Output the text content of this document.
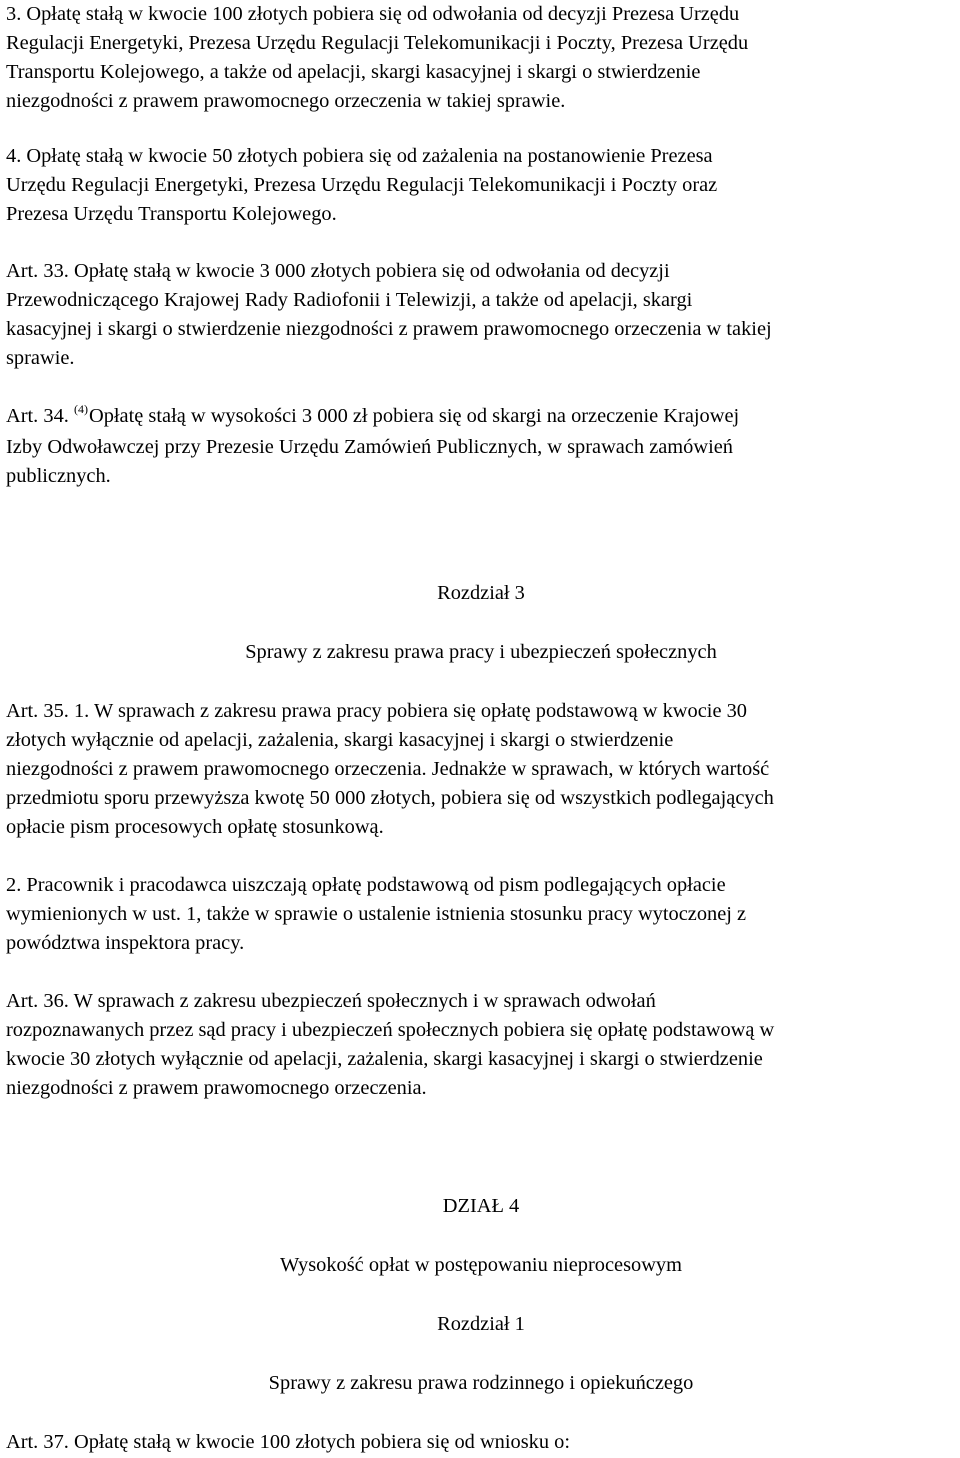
3. Opłatę stałą w kwocie 100 złotych pobiera się od odwołania od decyzji Prezesa Urzędu
Regulacji Energetyki, Prezesa Urzędu Regulacji Telekomunikacji i Poczty, Prezesa Urzędu
Transportu Kolejowego, a także od apelacji, skargi kasacyjnej i skargi o stwierdzenie
niezgodności z prawem prawomocnego orzeczenia w takiej sprawie.

4. Opłatę stałą w kwocie 50 złotych pobiera się od zażalenia na postanowienie Prezesa
Urzędu Regulacji Energetyki, Prezesa Urzędu Regulacji Telekomunikacji i Poczty oraz
Prezesa Urzędu Transportu Kolejowego.

Art. 33. Opłatę stałą w kwocie 3 000 złotych pobiera się od odwołania od decyzji
Przewodniczącego Krajowej Rady Radiofonii i Telewizji, a także od apelacji, skargi
kasacyjnej i skargi o stwierdzenie niezgodności z prawem prawomocnego orzeczenia w takiej
sprawie.

Art. 34. $^{(4)}$Opłatę stałą w wysokości 3 000 zł pobiera się od skargi na orzeczenie Krajowej
Izby Odwoławczej przy Prezesie Urzędu Zamówień Publicznych, w sprawach zamówień
publicznych.

Rozdział 3

Sprawy z zakresu prawa pracy i ubezpieczeń społecznych

Art. 35. 1. W sprawach z zakresu prawa pracy pobiera się opłatę podstawową w kwocie 30
złotych wyłącznie od apelacji, zażalenia, skargi kasacyjnej i skargi o stwierdzenie
niezgodności z prawem prawomocnego orzeczenia. Jednakże w sprawach, w których wartość
przedmiotu sporu przewyższa kwotę 50 000 złotych, pobiera się od wszystkich podlegających
opłacie pism procesowych opłatę stosunkową.

2. Pracownik i pracodawca uiszczają opłatę podstawową od pism podlegających opłacie
wymienionych w ust. 1, także w sprawie o ustalenie istnienia stosunku pracy wytoczonej z
powództwa inspektora pracy.

Art. 36. W sprawach z zakresu ubezpieczeń społecznych i w sprawach odwołań
rozpoznawanych przez sąd pracy i ubezpieczeń społecznych pobiera się opłatę podstawową w
kwocie 30 złotych wyłącznie od apelacji, zażalenia, skargi kasacyjnej i skargi o stwierdzenie
niezgodności z prawem prawomocnego orzeczenia.

DZIAŁ 4

Wysokość opłat w postępowaniu nieprocesowym

Rozdział 1

Sprawy z zakresu prawa rodzinnego i opiekuńczego

Art. 37. Opłatę stałą w kwocie 100 złotych pobiera się od wniosku o:
